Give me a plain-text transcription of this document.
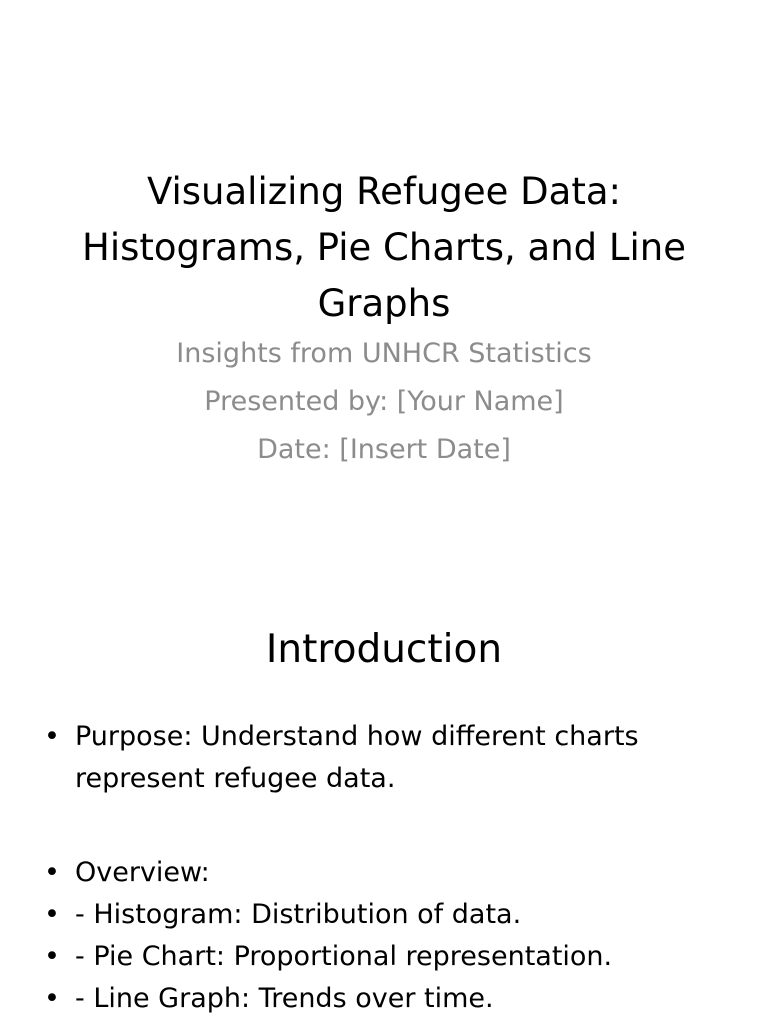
Visualizing Refugee Data: Histograms, Pie Charts, and Line Graphs
Insights from UNHCR Statistics
Presented by: [Your Name]
Date: [Insert Date]
Introduction
• Purpose: Understand how different charts represent refugee data.
• Overview:
• - Histogram: Distribution of data.
• - Pie Chart: Proportional representation.
• - Line Graph: Trends over time.
